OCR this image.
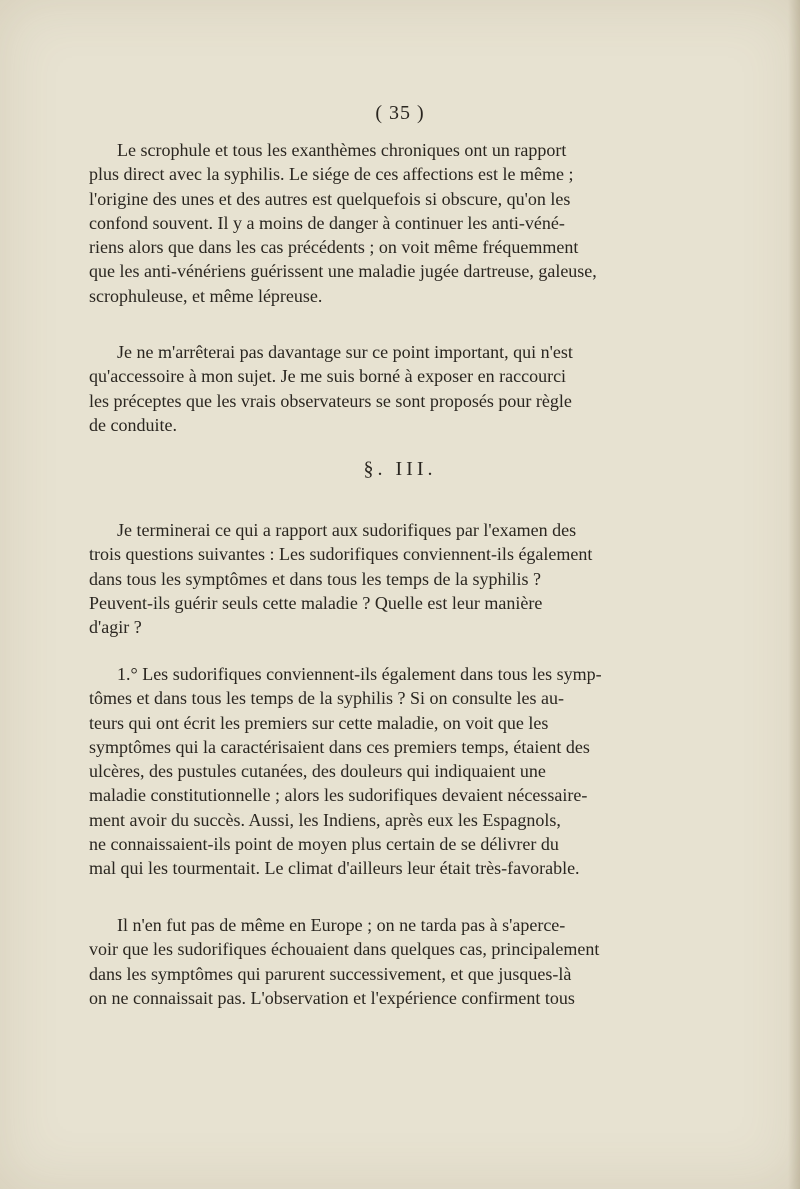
( 35 )
Le scrophule et tous les exanthèmes chroniques ont un rapport
plus direct avec la syphilis. Le siége de ces affections est le même ;
l'origine des unes et des autres est quelquefois si obscure, qu'on les
confond souvent. Il y a moins de danger à continuer les anti-véné-
riens alors que dans les cas précédents ; on voit même fréquemment
que les anti-vénériens guérissent une maladie jugée dartreuse, galeuse,
scrophuleuse, et même lépreuse.
Je ne m'arrêterai pas davantage sur ce point important, qui n'est
qu'accessoire à mon sujet. Je me suis borné à exposer en raccourci
les préceptes que les vrais observateurs se sont proposés pour règle
de conduite.
§. III.
Je terminerai ce qui a rapport aux sudorifiques par l'examen des
trois questions suivantes : Les sudorifiques conviennent-ils également
dans tous les symptômes et dans tous les temps de la syphilis ?
Peuvent-ils guérir seuls cette maladie ? Quelle est leur manière
d'agir ?
1.° Les sudorifiques conviennent-ils également dans tous les symp-
tômes et dans tous les temps de la syphilis ? Si on consulte les au-
teurs qui ont écrit les premiers sur cette maladie, on voit que les
symptômes qui la caractérisaient dans ces premiers temps, étaient des
ulcères, des pustules cutanées, des douleurs qui indiquaient une
maladie constitutionnelle ; alors les sudorifiques devaient nécessaire-
ment avoir du succès. Aussi, les Indiens, après eux les Espagnols,
ne connaissaient-ils point de moyen plus certain de se délivrer du
mal qui les tourmentait. Le climat d'ailleurs leur était très-favorable.
Il n'en fut pas de même en Europe ; on ne tarda pas à s'aperce-
voir que les sudorifiques échouaient dans quelques cas, principalement
dans les symptômes qui parurent successivement, et que jusques-là
on ne connaissait pas. L'observation et l'expérience confirment tous
